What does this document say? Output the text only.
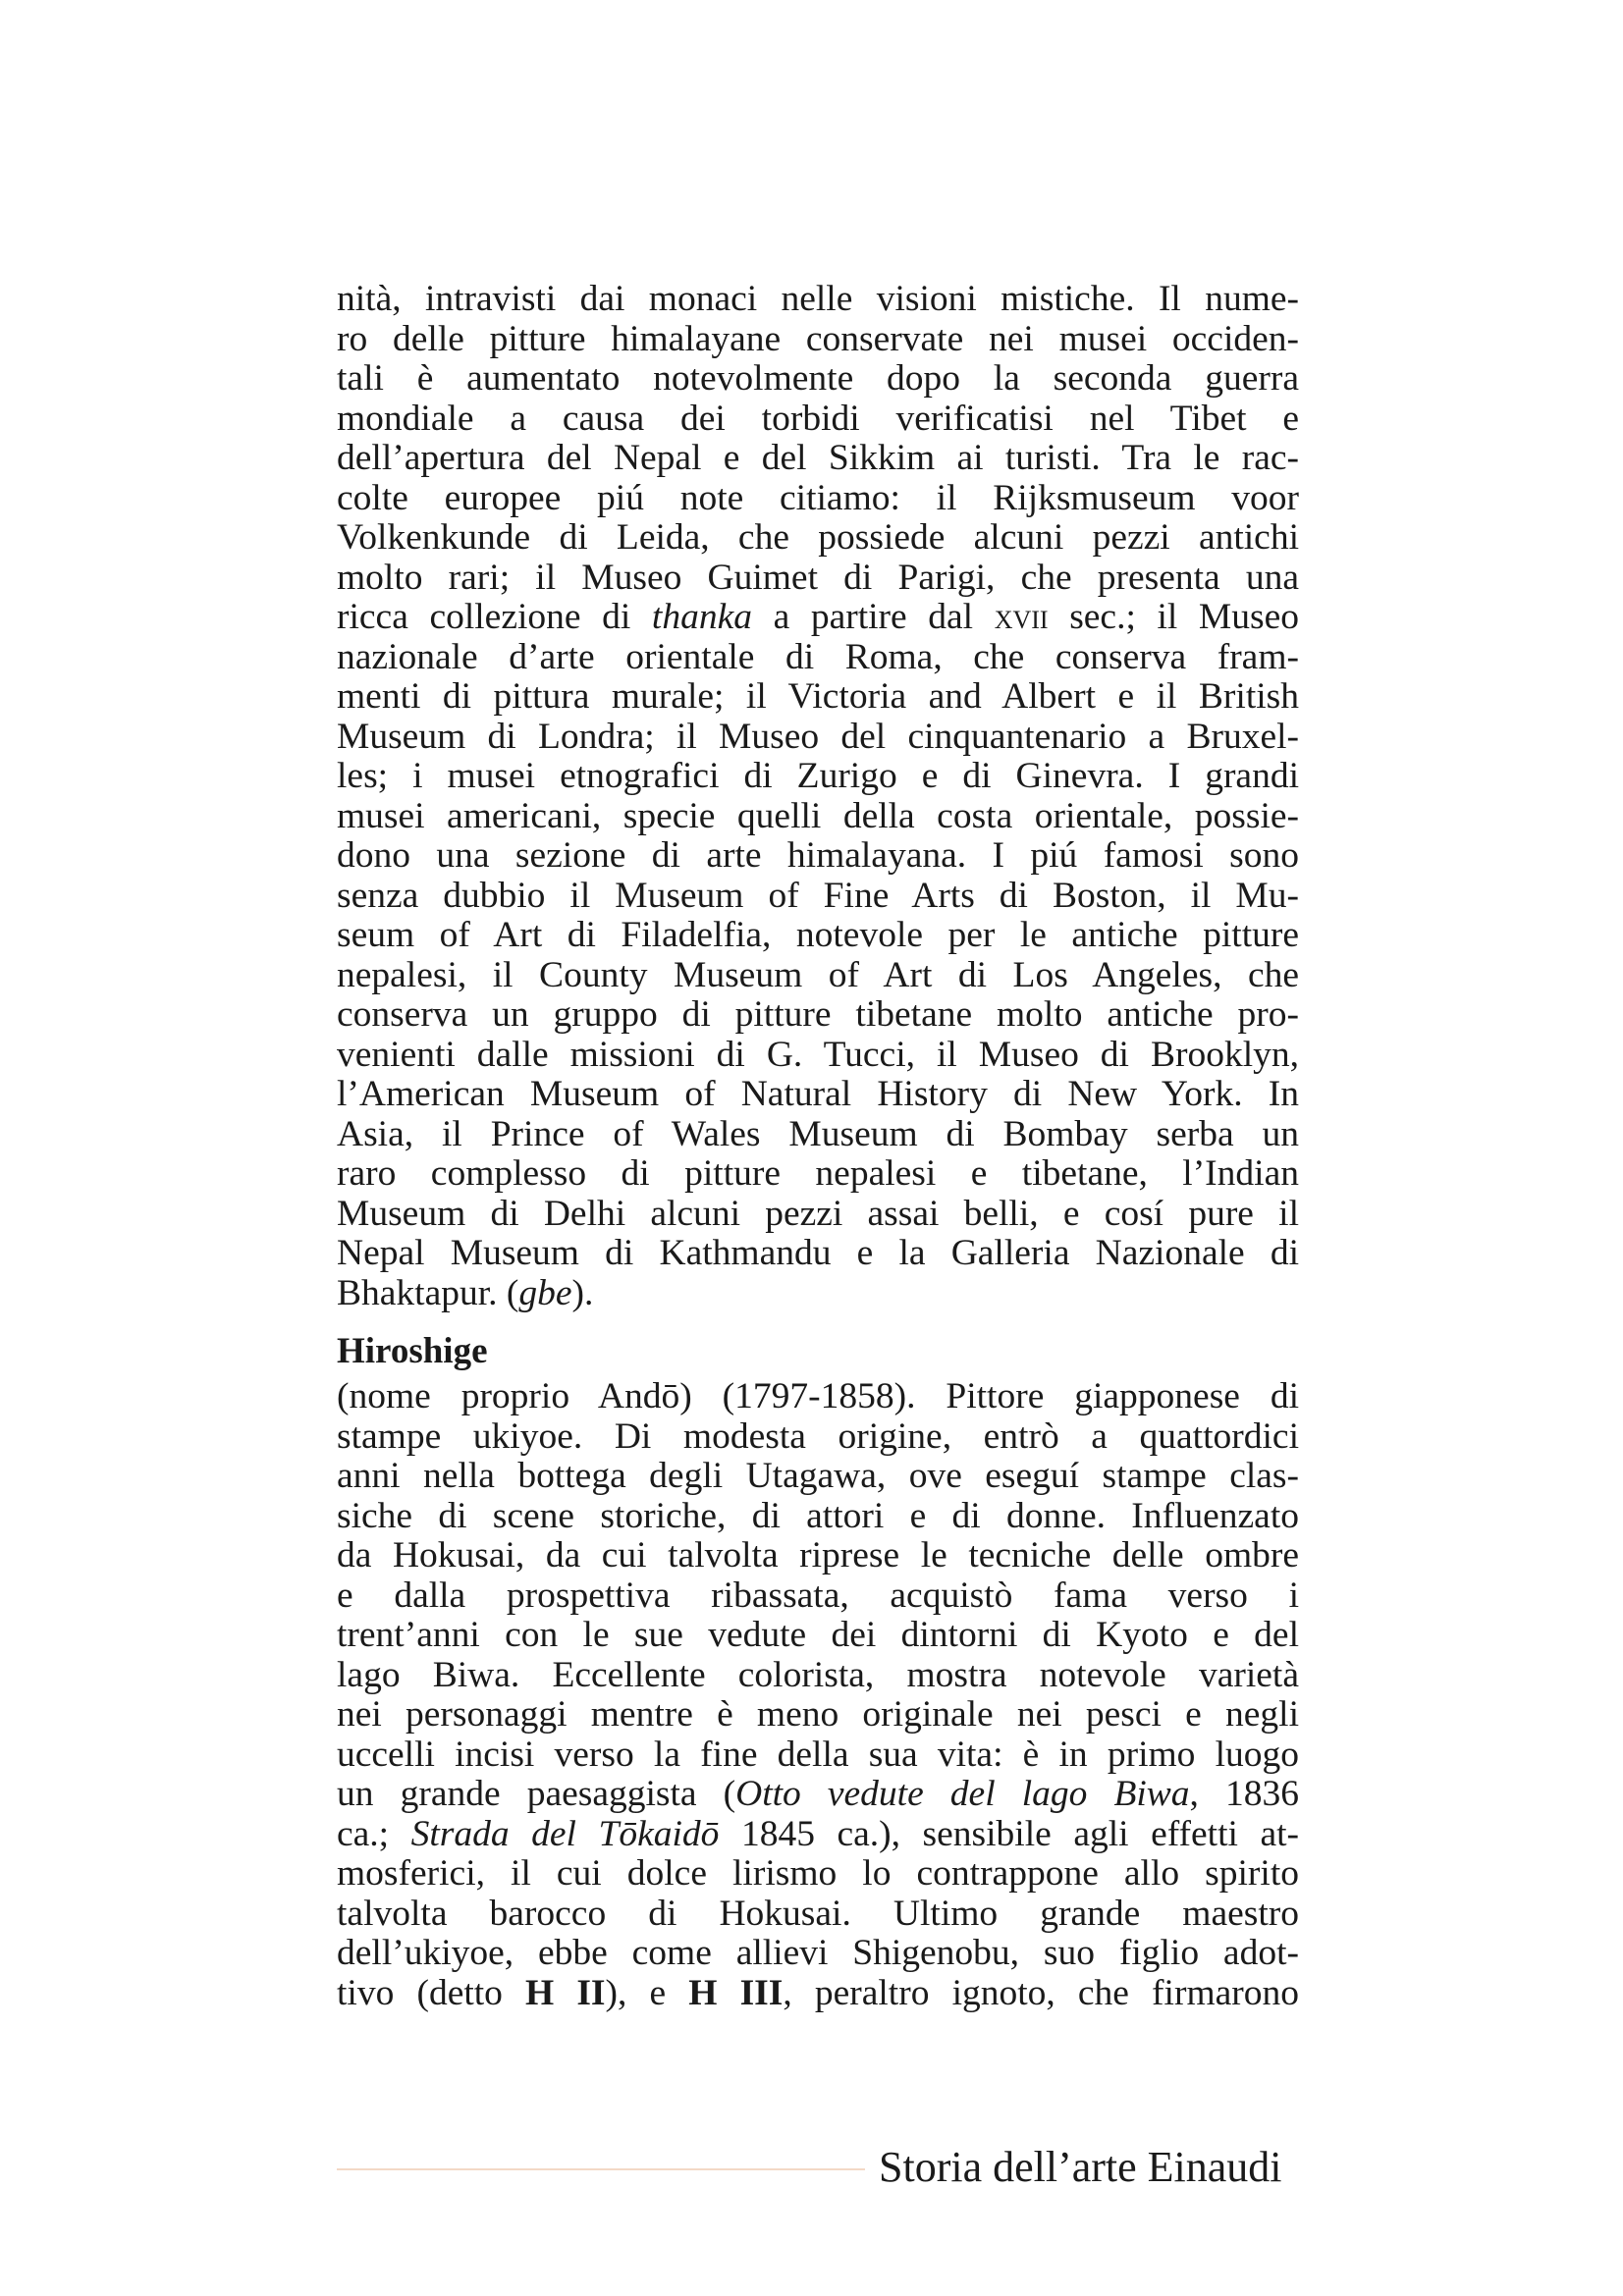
nità, intravisti dai monaci nelle visioni mistiche. Il nume-
ro delle pitture himalayane conservate nei musei occiden-
tali è aumentato notevolmente dopo la seconda guerra
mondiale a causa dei torbidi verificatisi nel Tibet e
dell’apertura del Nepal e del Sikkim ai turisti. Tra le rac-
colte europee piú note citiamo: il Rijksmuseum voor
Volkenkunde di Leida, che possiede alcuni pezzi antichi
molto rari; il Museo Guimet di Parigi, che presenta una
ricca collezione di thanka a partire dal xvii sec.; il Museo
nazionale d’arte orientale di Roma, che conserva fram-
menti di pittura murale; il Victoria and Albert e il British
Museum di Londra; il Museo del cinquantenario a Bruxel-
les; i musei etnografici di Zurigo e di Ginevra. I grandi
musei americani, specie quelli della costa orientale, possie-
dono una sezione di arte himalayana. I piú famosi sono
senza dubbio il Museum of Fine Arts di Boston, il Mu-
seum of Art di Filadelfia, notevole per le antiche pitture
nepalesi, il County Museum of Art di Los Angeles, che
conserva un gruppo di pitture tibetane molto antiche pro-
venienti dalle missioni di G. Tucci, il Museo di Brooklyn,
l’American Museum of Natural History di New York. In
Asia, il Prince of Wales Museum di Bombay serba un
raro complesso di pitture nepalesi e tibetane, l’Indian
Museum di Delhi alcuni pezzi assai belli, e cosí pure il
Nepal Museum di Kathmandu e la Galleria Nazionale di
Bhaktapur. (gbe).
Hiroshige
(nome proprio Andō) (1797-1858). Pittore giapponese di
stampe ukiyoe. Di modesta origine, entrò a quattordici
anni nella bottega degli Utagawa, ove eseguí stampe clas-
siche di scene storiche, di attori e di donne. Influenzato
da Hokusai, da cui talvolta riprese le tecniche delle ombre
e dalla prospettiva ribassata, acquistò fama verso i
trent’anni con le sue vedute dei dintorni di Kyoto e del
lago Biwa. Eccellente colorista, mostra notevole varietà
nei personaggi mentre è meno originale nei pesci e negli
uccelli incisi verso la fine della sua vita: è in primo luogo
un grande paesaggista (Otto vedute del lago Biwa, 1836
ca.; Strada del Tōkaidō 1845 ca.), sensibile agli effetti at-
mosferici, il cui dolce lirismo lo contrappone allo spirito
talvolta barocco di Hokusai. Ultimo grande maestro
dell’ukiyoe, ebbe come allievi Shigenobu, suo figlio adot-
tivo (detto H II), e H III, peraltro ignoto, che firmarono
Storia dell’arte Einaudi
